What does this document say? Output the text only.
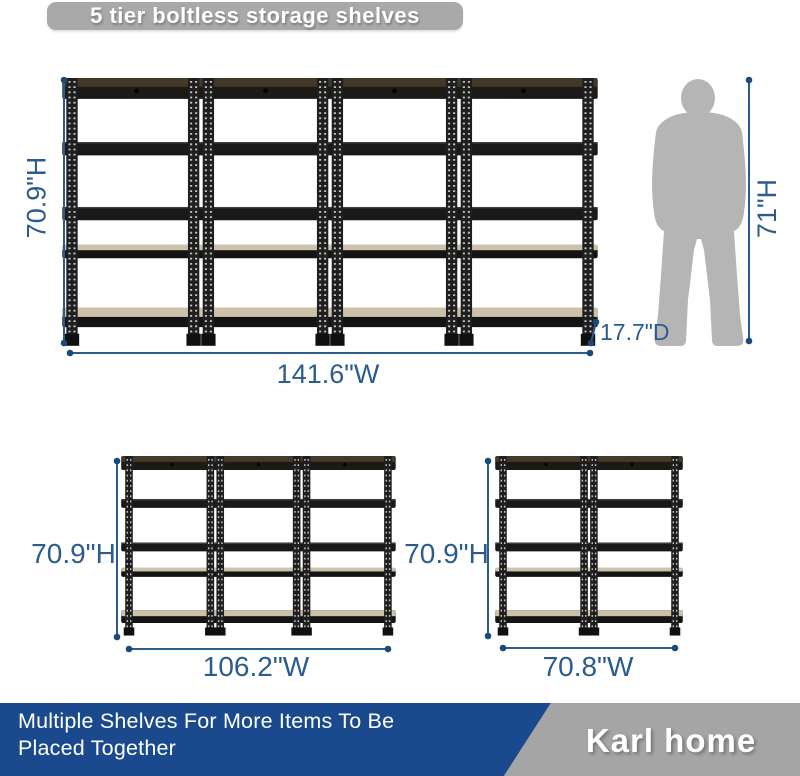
5 tier boltless storage shelves
70.9"H
141.6"W
17.7"D
71"H
70.9"H
106.2"W
70.9"H
70.8"W
Multiple Shelves For More Items To Be Placed Together	Karl home
